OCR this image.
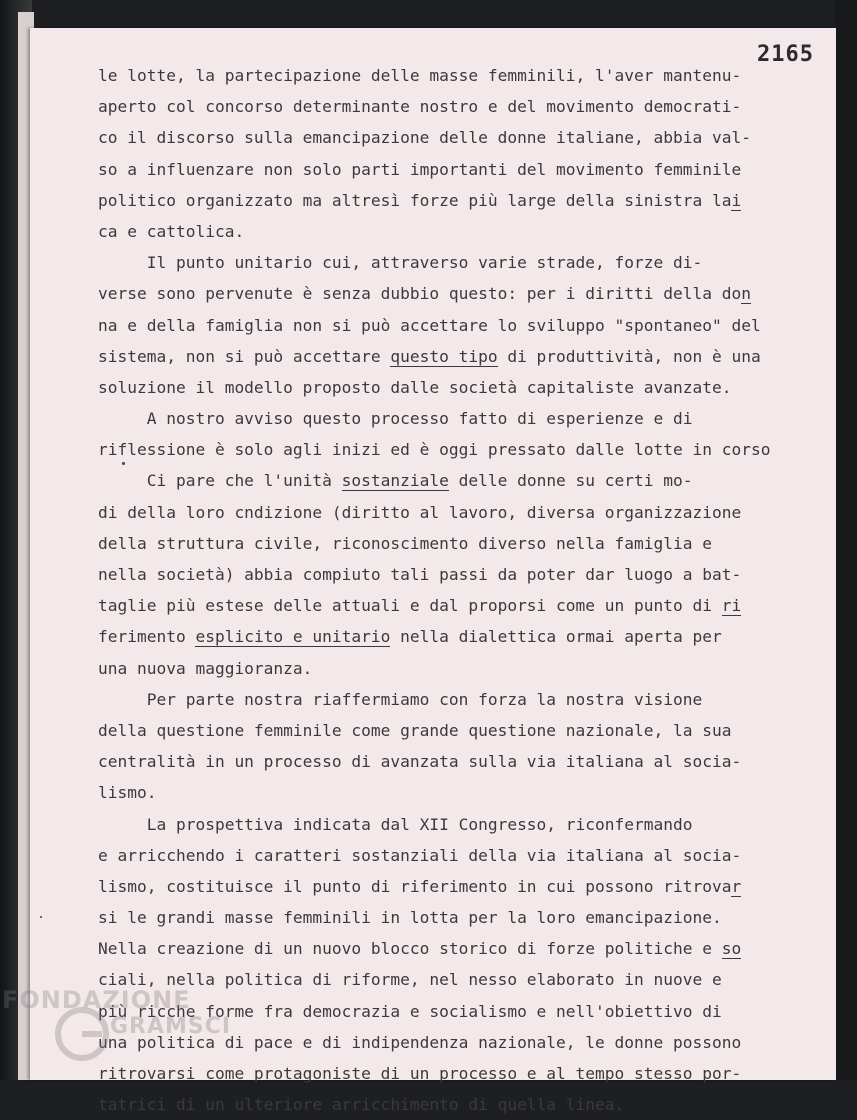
2165
le lotte, la partecipazione delle masse femminili, l'aver mantenu-
aperto col concorso determinante nostro e del movimento democrati-
co il discorso sulla emancipazione delle donne italiane, abbia val-
so a influenzare non solo parti importanti del movimento femminile
politico organizzato ma altresì forze più large della sinistra lai
ca e cattolica.
Il punto unitario cui, attraverso varie strade, forze di-
verse sono pervenute è senza dubbio questo: per i diritti della don
na e della famiglia non si può accettare lo sviluppo "spontaneo" del
sistema, non si può accettare questo tipo di produttività, non è una
soluzione il modello proposto dalle società capitaliste avanzate.
A nostro avviso questo processo fatto di esperienze e di
riflessione è solo agli inizi ed è oggi pressato dalle lotte in corso
Ci pare che l'unità sostanziale delle donne su certi mo-
di della loro cndizione (diritto al lavoro, diversa organizzazione
della struttura civile, riconoscimento diverso nella famiglia e
nella società) abbia compiuto tali passi da poter dar luogo a bat-
taglie più estese delle attuali e dal proporsi come un punto di ri
ferimento esplicito e unitario nella dialettica ormai aperta per
una nuova maggioranza.
Per parte nostra riaffermiamo con forza la nostra visione
della questione femminile come grande questione nazionale, la sua
centralità in un processo di avanzata sulla via italiana al socia-
lismo.
La prospettiva indicata dal XII Congresso, riconfermando
e arricchendo i caratteri sostanziali della via italiana al socia-
lismo, costituisce il punto di riferimento in cui possono ritrovar
si le grandi masse femminili in lotta per la loro emancipazione.
Nella creazione di un nuovo blocco storico di forze politiche e so
ciali, nella politica di riforme, nel nesso elaborato in nuove e
più ricche forme fra democrazia e socialismo e nell'obiettivo di
una politica di pace e di indipendenza nazionale, le donne possono
ritrovarsi come protagoniste di un processo e al tempo stesso por-
tatrici di un ulteriore arricchimento di quella linea.
FONDAZIONE
GRAMSCI
